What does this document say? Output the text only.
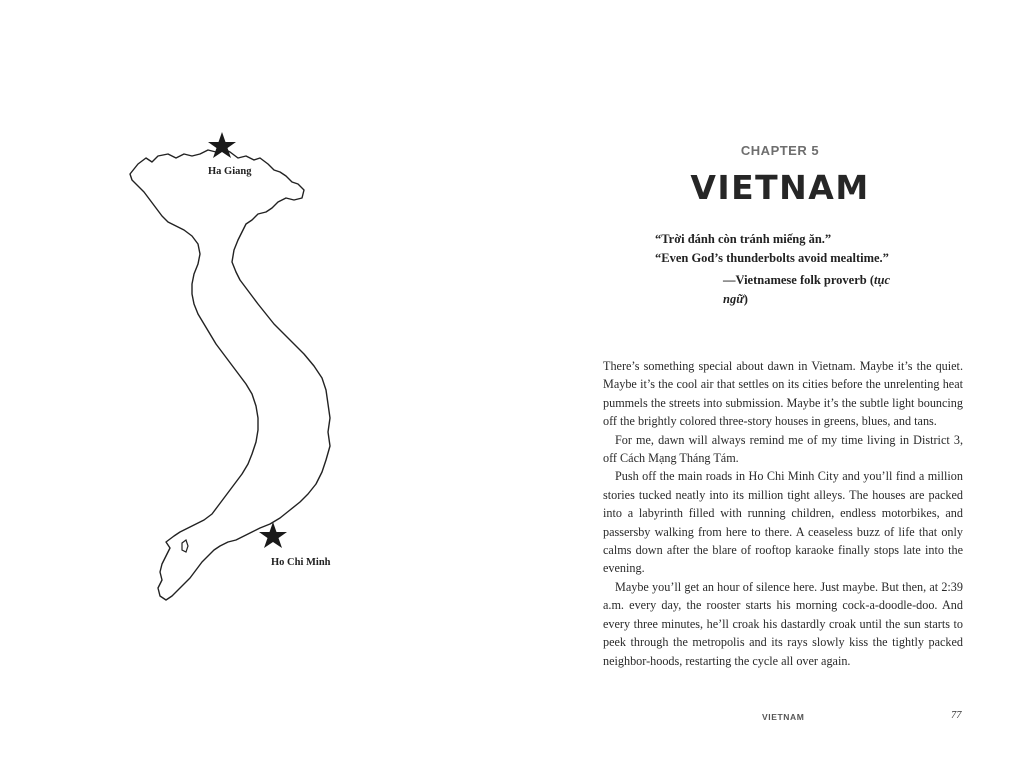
Ha Giang
Ho Chi Minh
CHAPTER 5
VIETNAM
“Trời đánh còn tránh miếng ăn.”
“Even God’s thunderbolts avoid mealtime.”
—Vietnamese folk proverb (tục ngữ)

There’s something special about dawn in Vietnam. Maybe it’s the quiet. Maybe it’s the cool air that settles on its cities before the unrelenting heat pummels the streets into submission. Maybe it’s the subtle light bouncing off the brightly colored three-story houses in greens, blues, and tans.

For me, dawn will always remind me of my time living in District 3, off Cách Mạng Tháng Tám.

Push off the main roads in Ho Chi Minh City and you’ll find a million stories tucked neatly into its million tight alleys. The houses are packed into a labyrinth filled with running children, endless motorbikes, and passersby walking from here to there. A ceaseless buzz of life that only calms down after the blare of rooftop karaoke finally stops late into the evening.

Maybe you’ll get an hour of silence here. Just maybe. But then, at 2:39 a.m. every day, the rooster starts his morning cock-a-doodle-doo. And every three minutes, he’ll croak his dastardly croak until the sun starts to peek through the metropolis and its rays slowly kiss the tightly packed neighbor-hoods, restarting the cycle all over again.

VIETNAM	77
